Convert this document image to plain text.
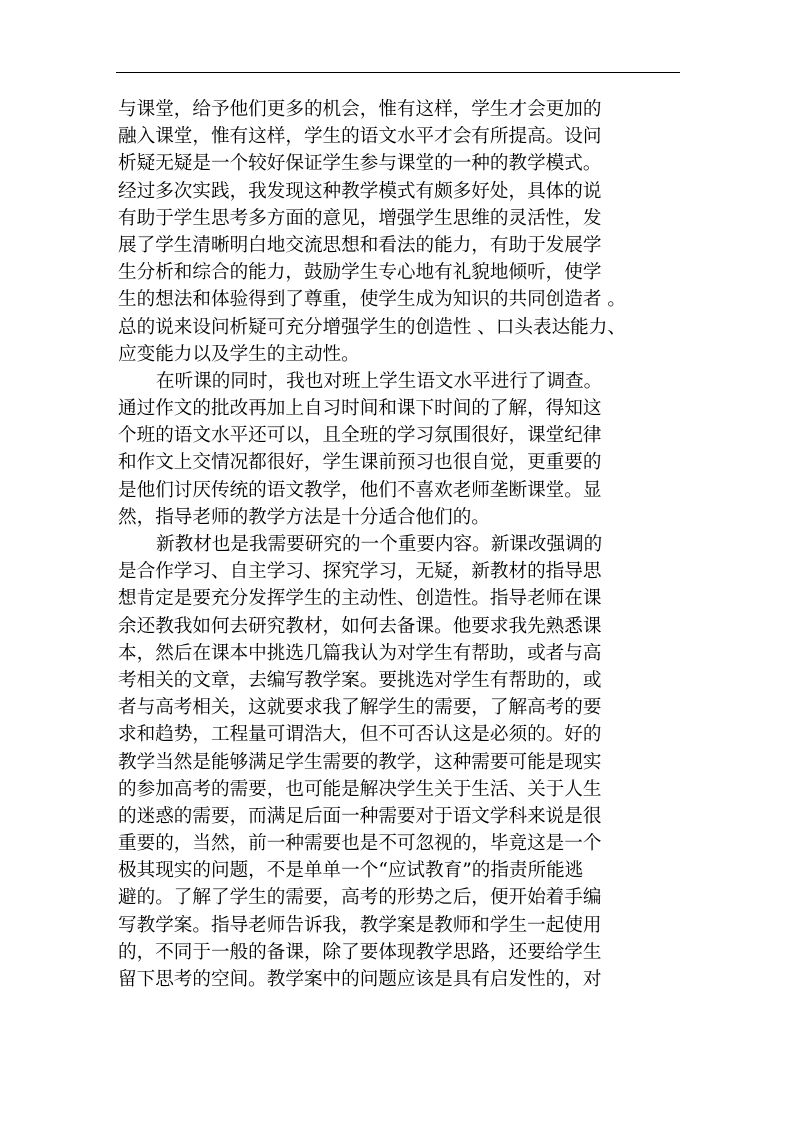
与课堂，给予他们更多的机会，惟有这样，学生才会更加的
融入课堂，惟有这样，学生的语文水平才会有所提高。设问
析疑无疑是一个较好保证学生参与课堂的一种的教学模式。
经过多次实践，我发现这种教学模式有颇多好处，具体的说
有助于学生思考多方面的意见，增强学生思维的灵活性，发
展了学生清晰明白地交流思想和看法的能力，有助于发展学
生分析和综合的能力，鼓励学生专心地有礼貌地倾听，使学
生的想法和体验得到了尊重，使学生成为知识的共同创造者 。
总的说来设问析疑可充分增强学生的创造性 、口头表达能力、
应变能力以及学生的主动性。
在听课的同时，我也对班上学生语文水平进行了调查。
通过作文的批改再加上自习时间和课下时间的了解，得知这
个班的语文水平还可以，且全班的学习氛围很好，课堂纪律
和作文上交情况都很好，学生课前预习也很自觉，更重要的
是他们讨厌传统的语文教学，他们不喜欢老师垄断课堂。显
然，指导老师的教学方法是十分适合他们的。
新教材也是我需要研究的一个重要内容。新课改强调的
是合作学习、自主学习、探究学习，无疑，新教材的指导思
想肯定是要充分发挥学生的主动性、创造性。指导老师在课
余还教我如何去研究教材，如何去备课。他要求我先熟悉课
本，然后在课本中挑选几篇我认为对学生有帮助，或者与高
考相关的文章，去编写教学案。要挑选对学生有帮助的，或
者与高考相关，这就要求我了解学生的需要，了解高考的要
求和趋势，工程量可谓浩大，但不可否认这是必须的。好的
教学当然是能够满足学生需要的教学，这种需要可能是现实
的参加高考的需要，也可能是解决学生关于生活、关于人生
的迷惑的需要，而满足后面一种需要对于语文学科来说是很
重要的，当然，前一种需要也是不可忽视的，毕竟这是一个
极其现实的问题，不是单单一个“应试教育”的指责所能逃
避的。了解了学生的需要，高考的形势之后，便开始着手编
写教学案。指导老师告诉我，教学案是教师和学生一起使用
的，不同于一般的备课，除了要体现教学思路，还要给学生
留下思考的空间。教学案中的问题应该是具有启发性的，对
